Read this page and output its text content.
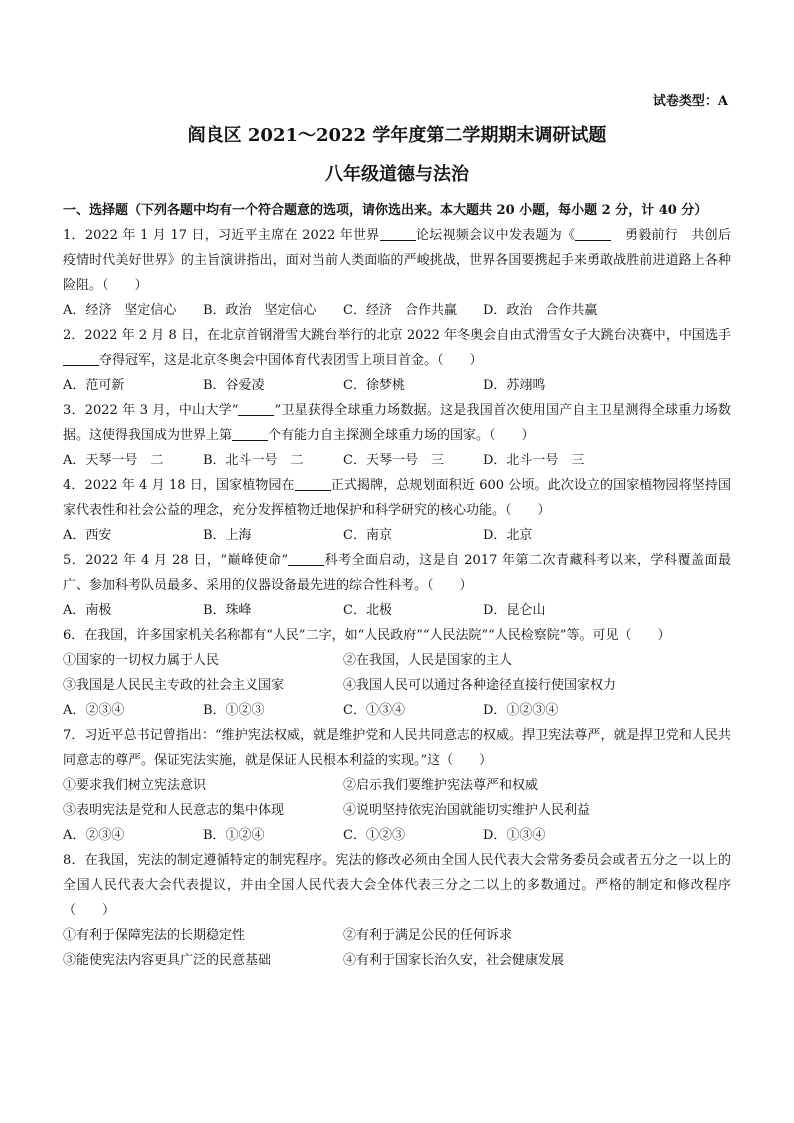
试卷类型：A
阎良区 2021～2022 学年度第二学期期末调研试题
八年级道德与法治
一、选择题（下列各题中均有一个符合题意的选项，请你选出来。本大题共 20 小题，每小题 2 分，计 40 分）
1．2022 年 1 月 17 日，习近平主席在 2022 年世界	论坛视频会议中发表题为《	　勇毅前行　共创后疫情时代美好世界》的主旨演讲指出，面对当前人类面临的严峻挑战，世界各国要携起手来勇敢战胜前进道路上各种险阻。（　　）
A．经济　坚定信心	B．政治　坚定信心	C．经济　合作共赢	D．政治　合作共赢
2．2022 年 2 月 8 日，在北京首钢滑雪大跳台举行的北京 2022 年冬奥会自由式滑雪女子大跳台决赛中，中国选手夺得冠军，这是北京冬奥会中国体育代表团雪上项目首金。（　　）
A．范可新	B．谷爱凌	C．徐梦桃	D．苏翊鸣
3．2022 年 3 月，中山大学“	”卫星获得全球重力场数据。这是我国首次使用国产自主卫星测得全球重力场数据。这使得我国成为世界上第	个有能力自主探测全球重力场的国家。（　　）
A．天琴一号　二	B．北斗一号　二	C．天琴一号　三	D．北斗一号　三
4．2022 年 4 月 18 日，国家植物园在	正式揭牌，总规划面积近 600 公顷。此次设立的国家植物园将坚持国家代表性和社会公益的理念，充分发挥植物迁地保护和科学研究的核心功能。（　　）
A．西安	B．上海	C．南京	D．北京
5．2022 年 4 月 28 日，“巅峰使命”	科考全面启动，这是自 2017 年第二次青藏科考以来，学科覆盖面最广、参加科考队员最多、采用的仪器设备最先进的综合性科考。（　　）
A．南极	B．珠峰	C．北极	D．昆仑山
6．在我国，许多国家机关名称都有“人民”二字，如“人民政府”“人民法院”“人民检察院”等。可见（　　）
①国家的一切权力属于人民	②在我国，人民是国家的主人
③我国是人民民主专政的社会主义国家	④我国人民可以通过各种途径直接行使国家权力
A．②③④	B．①②③	C．①③④	D．①②③④
7．习近平总书记曾指出：“维护宪法权威，就是维护党和人民共同意志的权威。捍卫宪法尊严，就是捍卫党和人民共同意志的尊严。保证宪法实施，就是保证人民根本利益的实现。”这（　　）
①要求我们树立宪法意识	②启示我们要维护宪法尊严和权威
③表明宪法是党和人民意志的集中体现	④说明坚持依宪治国就能切实维护人民利益
A．②③④	B．①②④	C．①②③	D．①③④
8．在我国，宪法的制定遵循特定的制宪程序。宪法的修改必须由全国人民代表大会常务委员会或者五分之一以上的全国人民代表大会代表提议，并由全国人民代表大会全体代表三分之二以上的多数通过。严格的制定和修改程序（　　）
①有利于保障宪法的长期稳定性	②有利于满足公民的任何诉求
③能使宪法内容更具广泛的民意基础	④有利于国家长治久安，社会健康发展
